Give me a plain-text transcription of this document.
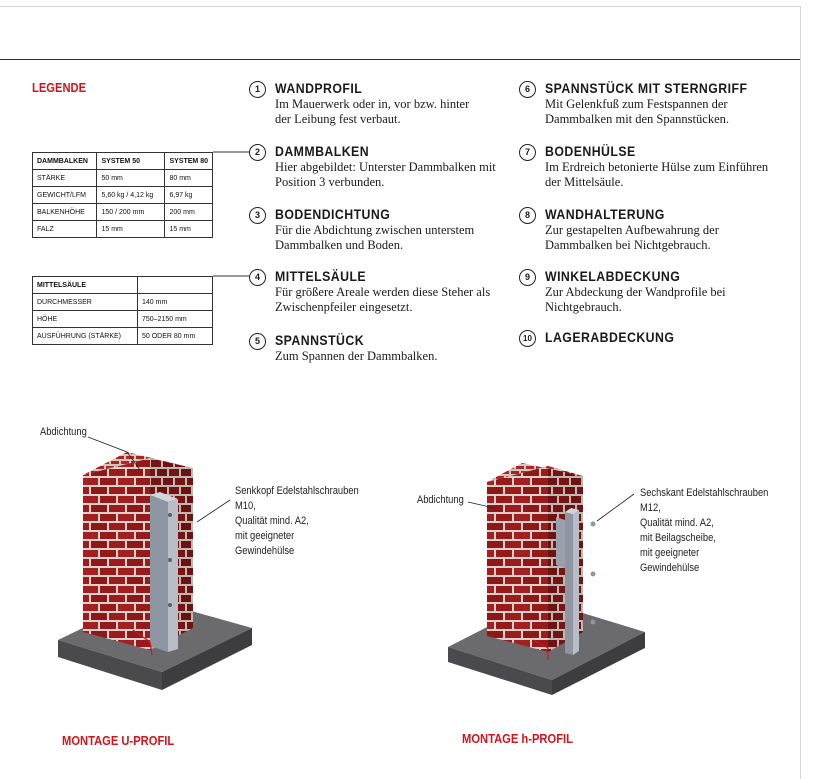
LEGENDE
DAMMBALKEN	SYSTEM 50	SYSTEM 80
STÄRKE	50 mm	80 mm
GEWICHT/LFM	5,60 kg / 4,12 kg	6,97 kg
BALKENHÖHE	150 / 200 mm	200 mm
FALZ	15 mm	15 mm
MITTELSÄULE	
DURCHMESSER	140 mm
HÖHE	750–2150 mm
AUSFÜHRUNG (STÄRKE)	50 ODER 80 mm
1	WANDPROFIL
Im Mauerwerk oder in, vor bzw. hinter der Leibung fest verbaut.
2	DAMMBALKEN
Hier abgebildet: Unterster Dammbalken mit Position 3 verbunden.
3	BODENDICHTUNG
Für die Abdichtung zwischen unterstem Dammbalken und Boden.
4	MITTELSÄULE
Für größere Areale werden diese Steher als Zwischenpfeiler eingesetzt.
5	SPANNSTÜCK
Zum Spannen der Dammbalken.
6	SPANNSTÜCK MIT STERNGRIFF
Mit Gelenkfuß zum Festspannen der Dammbalken mit den Spannstücken.
7	BODENHÜLSE
Im Erdreich betonierte Hülse zum Einführen der Mittelsäule.
8	WANDHALTERUNG
Zur gestapelten Aufbewahrung der Dammbalken bei Nichtgebrauch.
9	WINKELABDECKUNG
Zur Abdeckung der Wandprofile bei Nichtgebrauch.
10 LAGERABDECKUNG
Abdichtung
Senkkopf Edelstahlschrauben
M10,
Qualität mind. A2,
mit geeigneter
Gewindehülse
MONTAGE U-PROFIL
Abdichtung
Sechskant Edelstahlschrauben
M12,
Qualität mind. A2,
mit Beilagscheibe,
mit geeigneter
Gewindehülse
MONTAGE h-PROFIL
